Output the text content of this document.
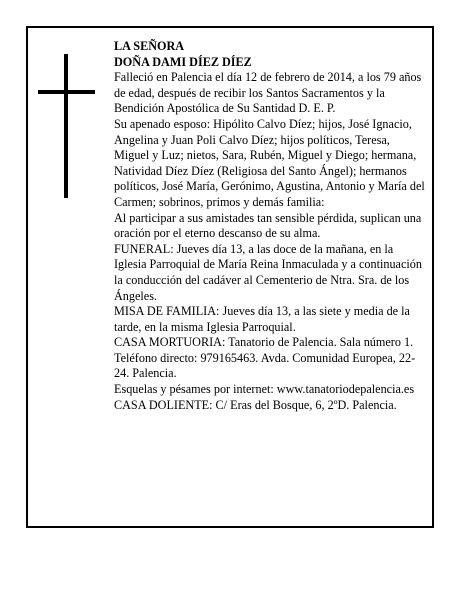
LA SEÑORA

DOÑA DAMI DÍEZ DÍEZ

Falleció en Palencia el día 12 de febrero de 2014, a los 79 años de edad, después de recibir los Santos Sacramentos y la Bendición Apostólica de Su Santidad D. E. P.

Su apenado esposo: Hipólito Calvo Díez; hijos, José Ignacio, Angelina y Juan Poli Calvo Díez; hijos políticos, Teresa, Miguel y Luz; nietos, Sara, Rubén, Miguel y Diego; hermana, Natividad Díez Díez (Religiosa del Santo Ángel); hermanos políticos, José María, Gerónimo, Agustina, Antonio y María del Carmen; sobrinos, primos y demás familia:

Al participar a sus amistades tan sensible pérdida, suplican una oración por el eterno descanso de su alma.

FUNERAL: Jueves día 13, a las doce de la mañana, en la Iglesia Parroquial de María Reina Inmaculada y a continuación la conducción del cadáver al Cementerio de Ntra. Sra. de los Ángeles.

MISA DE FAMILIA: Jueves día 13, a las siete y media de la tarde, en la misma Iglesia Parroquial.

CASA MORTUORIA: Tanatorio de Palencia. Sala número 1. Teléfono directo: 979165463. Avda. Comunidad Europea, 22-24. Palencia.

Esquelas y pésames por internet: www.tanatoriodepalencia.es

CASA DOLIENTE: C/ Eras del Bosque, 6, 2ºD. Palencia.
